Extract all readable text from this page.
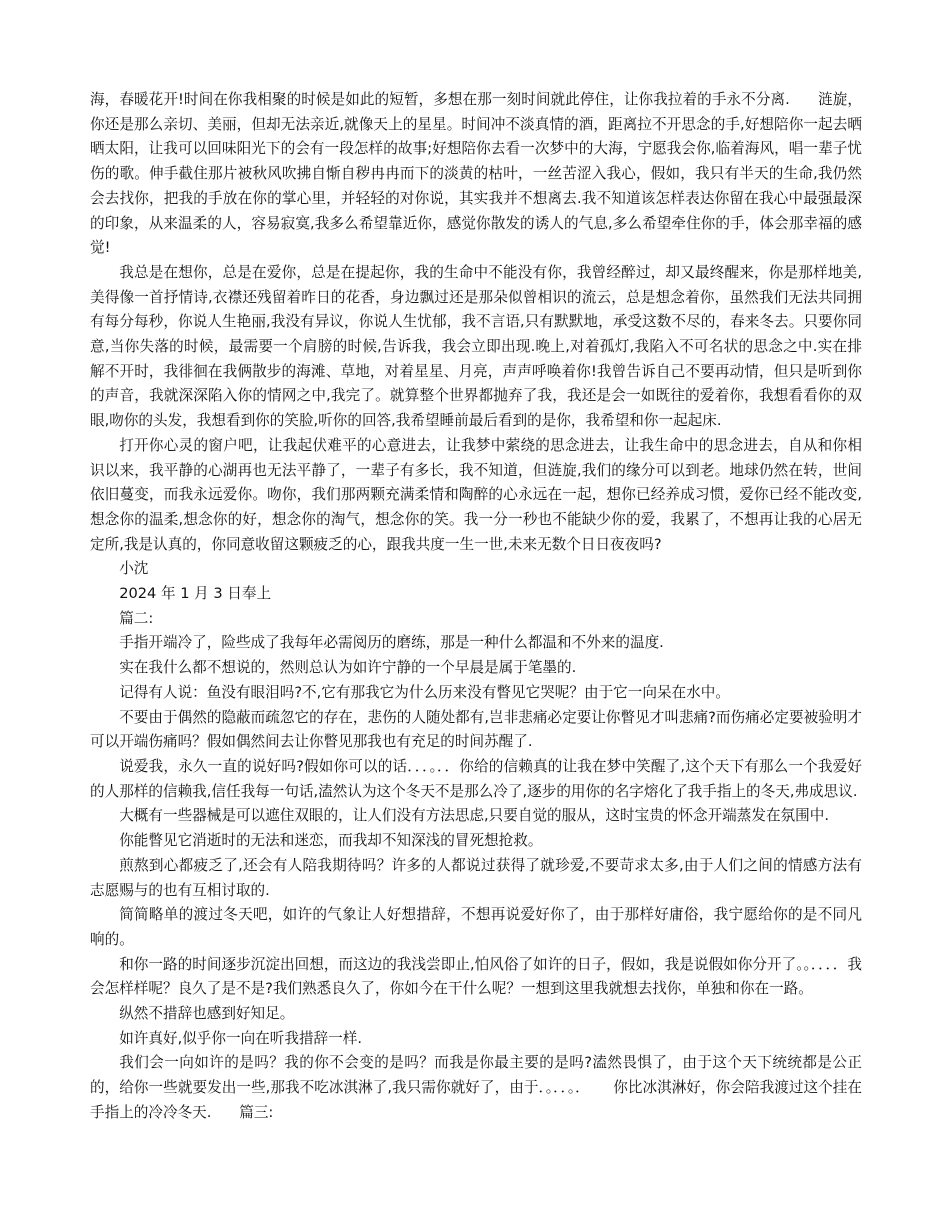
海，春暖花开!时间在你我相聚的时候是如此的短暂，多想在那一刻时间就此停住，让你我拉着的手永不分离.      涟旋，你还是那么亲切、美丽，但却无法亲近,就像天上的星星。时间冲不淡真情的酒，距离拉不开思念的手,好想陪你一起去晒晒太阳，让我可以回味阳光下的会有一段怎样的故事;好想陪你去看一次梦中的大海，宁愿我会你,临着海风，唱一辈子忧伤的歌。伸手截住那片被秋风吹拂自惭自秽冉冉而下的淡黄的枯叶，一丝苦涩入我心，假如，我只有半天的生命,我仍然会去找你，把我的手放在你的掌心里，并轻轻的对你说，其实我并不想离去.我不知道该怎样表达你留在我心中最强最深的印象，从来温柔的人，容易寂寞,我多么希望靠近你，感觉你散发的诱人的气息,多么希望牵住你的手，体会那幸福的感觉!

我总是在想你，总是在爱你，总是在提起你，我的生命中不能没有你，我曾经醉过，却又最终醒来，你是那样地美,美得像一首抒情诗,衣襟还残留着昨日的花香，身边飘过还是那朵似曾相识的流云，总是想念着你，虽然我们无法共同拥有每分每秒，你说人生艳丽,我没有异议，你说人生忧郁，我不言语,只有默默地，承受这数不尽的，春来冬去。只要你同意,当你失落的时候，最需要一个肩膀的时候,告诉我，我会立即出现.晚上,对着孤灯,我陷入不可名状的思念之中.实在排解不开时，我徘徊在我俩散步的海滩、草地，对着星星、月亮，声声呼唤着你!我曾告诉自己不要再动情，但只是听到你的声音，我就深深陷入你的情网之中,我完了。就算整个世界都抛弃了我，我还是会一如既往的爱着你，我想看看你的双眼,吻你的头发，我想看到你的笑脸,听你的回答,我希望睡前最后看到的是你，我希望和你一起起床.

打开你心灵的窗户吧，让我起伏难平的心意进去，让我梦中萦绕的思念进去，让我生命中的思念进去，自从和你相识以来，我平静的心湖再也无法平静了，一辈子有多长，我不知道，但涟旋,我们的缘分可以到老。地球仍然在转，世间依旧蔓变，而我永远爱你。吻你，我们那两颗充满柔情和陶醉的心永远在一起，想你已经养成习惯，爱你已经不能改变,想念你的温柔,想念你的好，想念你的淘气，想念你的笑。我一分一秒也不能缺少你的爱，我累了，不想再让我的心居无定所,我是认真的，你同意收留这颗疲乏的心，跟我共度一生一世,未来无数个日日夜夜吗?

小沈

2024 年 1 月 3 日奉上

篇二:

手指开端冷了，险些成了我每年必需阅历的磨练，那是一种什么都温和不外来的温度.

实在我什么都不想说的，然则总认为如许宁静的一个早晨是属于笔墨的.

记得有人说：鱼没有眼泪吗?不,它有那我它为什么历来没有瞥见它哭呢？由于它一向呆在水中。

不要由于偶然的隐蔽而疏忽它的存在，悲伤的人随处都有,岂非悲痛必定要让你瞥见才叫悲痛?而伤痛必定要被验明才可以开端伤痛吗？假如偶然间去让你瞥见那我也有充足的时间苏醒了.

说爱我，永久一直的说好吗?假如你可以的话．．．。．．你给的信赖真的让我在梦中笑醒了,这个天下有那么一个我爱好的人那样的信赖我,信任我每一句话,溘然认为这个冬天不是那么冷了,逐步的用你的名字熔化了我手指上的冬天,弗成思议.

大概有一些器械是可以遮住双眼的，让人们没有方法思虑,只要自觉的服从，这时宝贵的怀念开端蒸发在氛围中.

你能瞥见它消逝时的无法和迷恋，而我却不知深浅的冒死想抢救。

煎熬到心都疲乏了,还会有人陪我期待吗？许多的人都说过获得了就珍爱,不要苛求太多,由于人们之间的情感方法有志愿赐与的也有互相讨取的.

简简略单的渡过冬天吧，如许的气象让人好想措辞，不想再说爱好你了，由于那样好庸俗，我宁愿给你的是不同凡响的。

和你一路的时间逐步沉淀出回想，而这边的我浅尝即止,怕风俗了如许的日子，假如，我是说假如你分开了。。．．．．我会怎样样呢？良久了是不是?我们熟悉良久了，你如今在干什么呢？一想到这里我就想去找你，单独和你在一路。

纵然不措辞也感到好知足。

如许真好,似乎你一向在听我措辞一样.

我们会一向如许的是吗？我的你不会变的是吗？而我是你最主要的是吗?溘然畏惧了，由于这个天下统统都是公正的，给你一些就要发出一些,那我不吃冰淇淋了,我只需你就好了，由于．。．．。．     你比冰淇淋好，你会陪我渡过这个挂在手指上的冷冷冬天.      篇三:
